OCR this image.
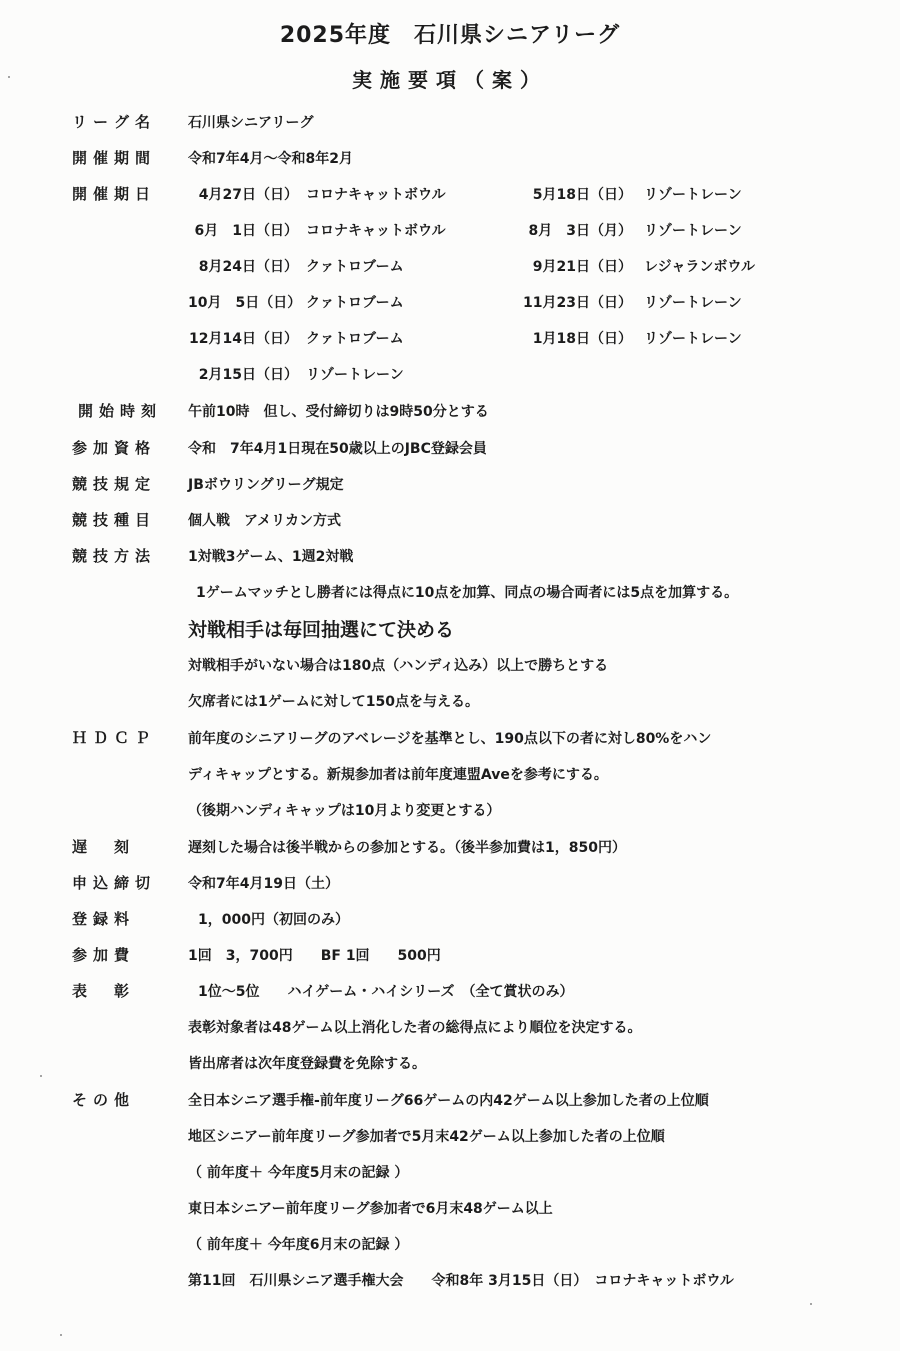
2025年度　石川県シニアリーグ
実施要項（案）
リーグ名 石川県シニアリーグ
開催期間 令和7年4月～令和8年2月
開催期日	4月27日（日） コロナキャットボウル	5月18日（日） リゾートレーン
6月　1日（日） コロナキャットボウル	8月　3日（月） リゾートレーン
8月24日（日） クァトロブーム	9月21日（日） レジャランボウル
10月　5日（日） クァトロブーム	11月23日（日） リゾートレーン
12月14日（日） クァトロブーム	1月18日（日） リゾートレーン
2月15日（日） リゾートレーン
開始時刻 午前10時　但し、受付締切りは9時50分とする
参加資格 令和　7年4月1日現在50歳以上のJBC登録会員
競技規定 JBボウリングリーグ規定
競技種目 個人戦　アメリカン方式
競技方法 1対戦3ゲーム、1週2対戦
1ゲームマッチとし勝者には得点に10点を加算、同点の場合両者には5点を加算する。
対戦相手は毎回抽選にて決める
対戦相手がいない場合は180点（ハンディ込み）以上で勝ちとする
欠席者には1ゲームに対して150点を与える。
ＨＤＣＰ 前年度のシニアリーグのアベレージを基準とし、190点以下の者に対し80%をハン
ディキャップとする。新規参加者は前年度連盟Aveを参考にする。
（後期ハンディキャップは10月より変更とする）
遅　刻	遅刻した場合は後半戦からの参加とする。（後半参加費は1，850円）
申込締切 令和7年4月19日（土）
登録料	1，000円（初回のみ）
参加費	1回　3，700円　　BF 1回　　500円
表　彰	1位～5位　　ハイゲーム・ハイシリーズ　（全て賞状のみ）
表彰対象者は48ゲーム以上消化した者の総得点により順位を決定する。
皆出席者は次年度登録費を免除する。
その他	全日本シニア選手権-前年度リーグ66ゲームの内42ゲーム以上参加した者の上位順
地区シニアー前年度リーグ参加者で5月末42ゲーム以上参加した者の上位順
（ 前年度＋ 今年度5月末の記録 ）
東日本シニアー前年度リーグ参加者で6月末48ゲーム以上
（ 前年度＋ 今年度6月末の記録 ）
第11回　石川県シニア選手権大会　　令和8年 3月15日（日）　コロナキャットボウル
